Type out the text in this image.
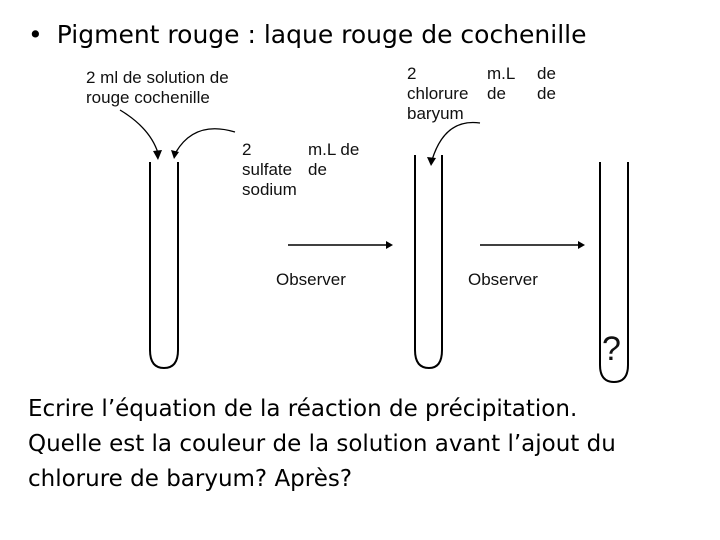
• Pigment rouge : laque rouge de cochenille
2 ml de solution de
rouge cochenille
2	m.L de
sulfate de
sodium
2	m.L	de
chlorure	de	de
baryum
Observer	Observer
?
Ecrire l’équation de la réaction de précipitation.
Quelle est la couleur de la solution avant l’ajout du
chlorure de baryum? Après?
